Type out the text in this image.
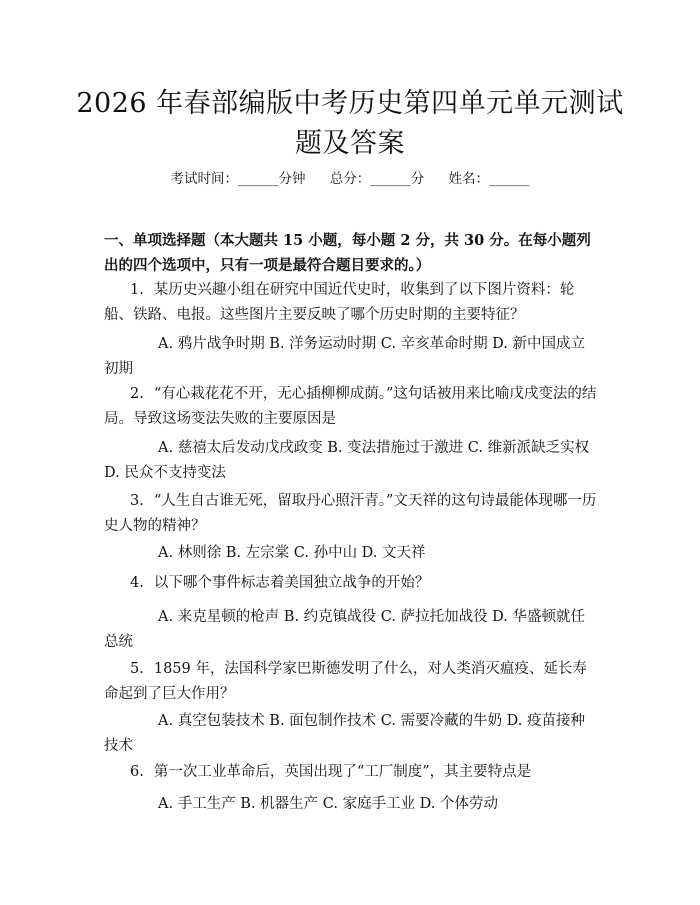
2026 年春部编版中考历史第四单元单元测试
题及答案
考试时间：______分钟 总分：______分 姓名：______
一、单项选择题（本大题共 15 小题，每小题 2 分，共 30 分。在每小题列出的四个选项中，只有一项是最符合题目要求的。）
1. 某历史兴趣小组在研究中国近代史时，收集到了以下图片资料：轮船、铁路、电报。这些图片主要反映了哪个历史时期的主要特征？
A. 鸦片战争时期 B. 洋务运动时期 C. 辛亥革命时期 D. 新中国成立初期
2. “有心栽花花不开，无心插柳柳成荫。”这句话被用来比喻戊戌变法的结局。导致这场变法失败的主要原因是
A. 慈禧太后发动戊戌政变 B. 变法措施过于激进 C. 维新派缺乏实权 D. 民众不支持变法
3. “人生自古谁无死，留取丹心照汗青。”文天祥的这句诗最能体现哪一历史人物的精神？
A. 林则徐 B. 左宗棠 C. 孙中山 D. 文天祥
4. 以下哪个事件标志着美国独立战争的开始？
A. 来克星顿的枪声 B. 约克镇战役 C. 萨拉托加战役 D. 华盛顿就任总统
5. 1859 年，法国科学家巴斯德发明了什么，对人类消灭瘟疫、延长寿命起到了巨大作用？
A. 真空包装技术 B. 面包制作技术 C. 需要冷藏的牛奶 D. 疫苗接种技术
6. 第一次工业革命后，英国出现了“工厂制度”，其主要特点是
A. 手工生产 B. 机器生产 C. 家庭手工业 D. 个体劳动
